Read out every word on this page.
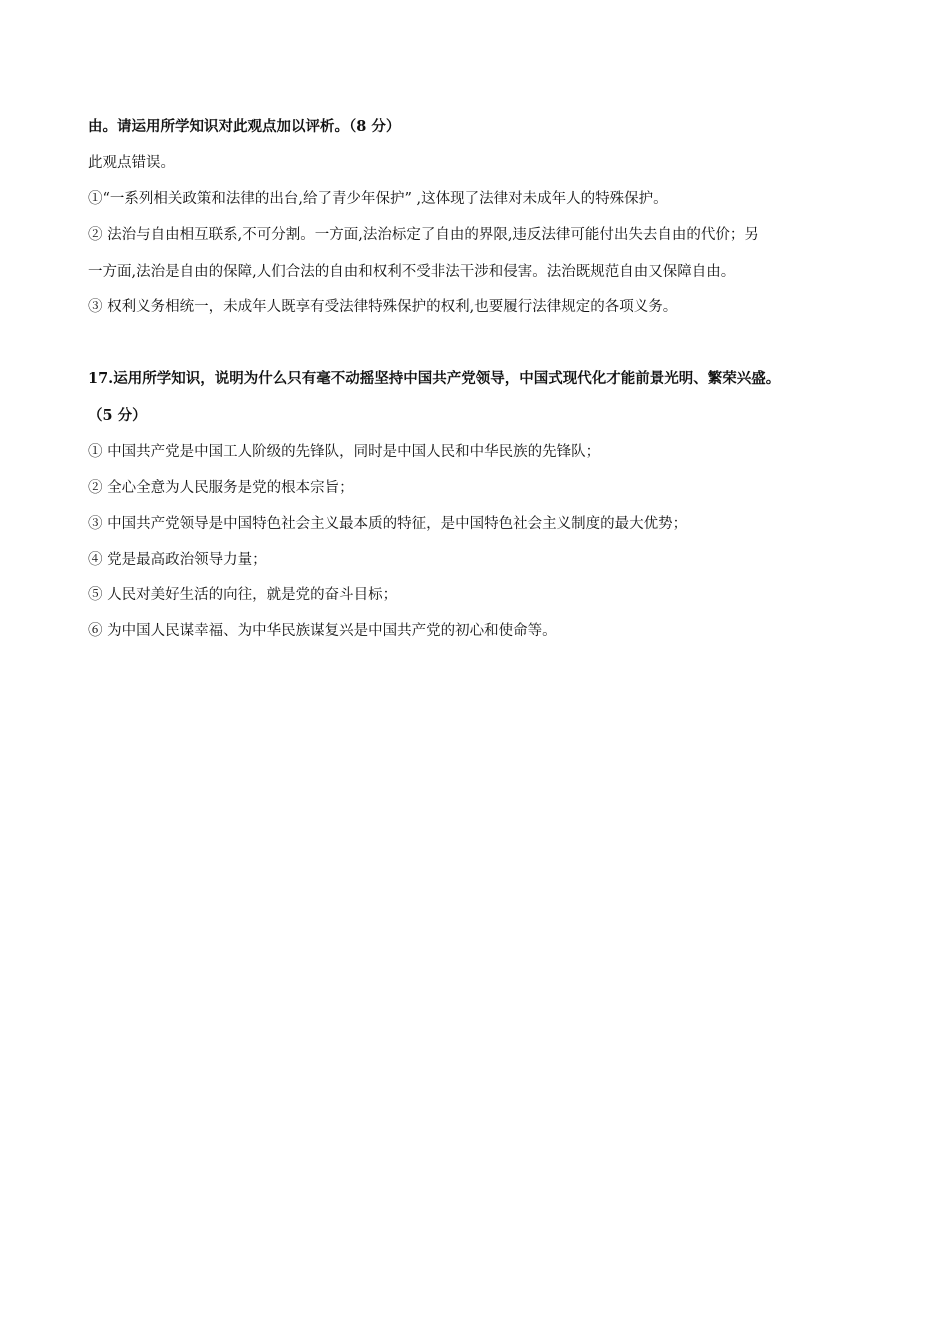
由。请运用所学知识对此观点加以评析。（8 分）
此观点错误。
①“一系列相关政策和法律的出台,给了青少年保护” ,这体现了法律对未成年人的特殊保护。
② 法治与自由相互联系,不可分割。一方面,法治标定了自由的界限,违反法律可能付出失去自由的代价；另
一方面,法治是自由的保障,人们合法的自由和权利不受非法干涉和侵害。法治既规范自由又保障自由。
③ 权利义务相统一，未成年人既享有受法律特殊保护的权利,也要履行法律规定的各项义务。
17.运用所学知识，说明为什么只有毫不动摇坚持中国共产党领导，中国式现代化才能前景光明、繁荣兴盛。
（5 分）
① 中国共产党是中国工人阶级的先锋队，同时是中国人民和中华民族的先锋队；
② 全心全意为人民服务是党的根本宗旨；
③ 中国共产党领导是中国特色社会主义最本质的特征，是中国特色社会主义制度的最大优势；
④ 党是最高政治领导力量；
⑤ 人民对美好生活的向往，就是党的奋斗目标；
⑥ 为中国人民谋幸福、为中华民族谋复兴是中国共产党的初心和使命等。
